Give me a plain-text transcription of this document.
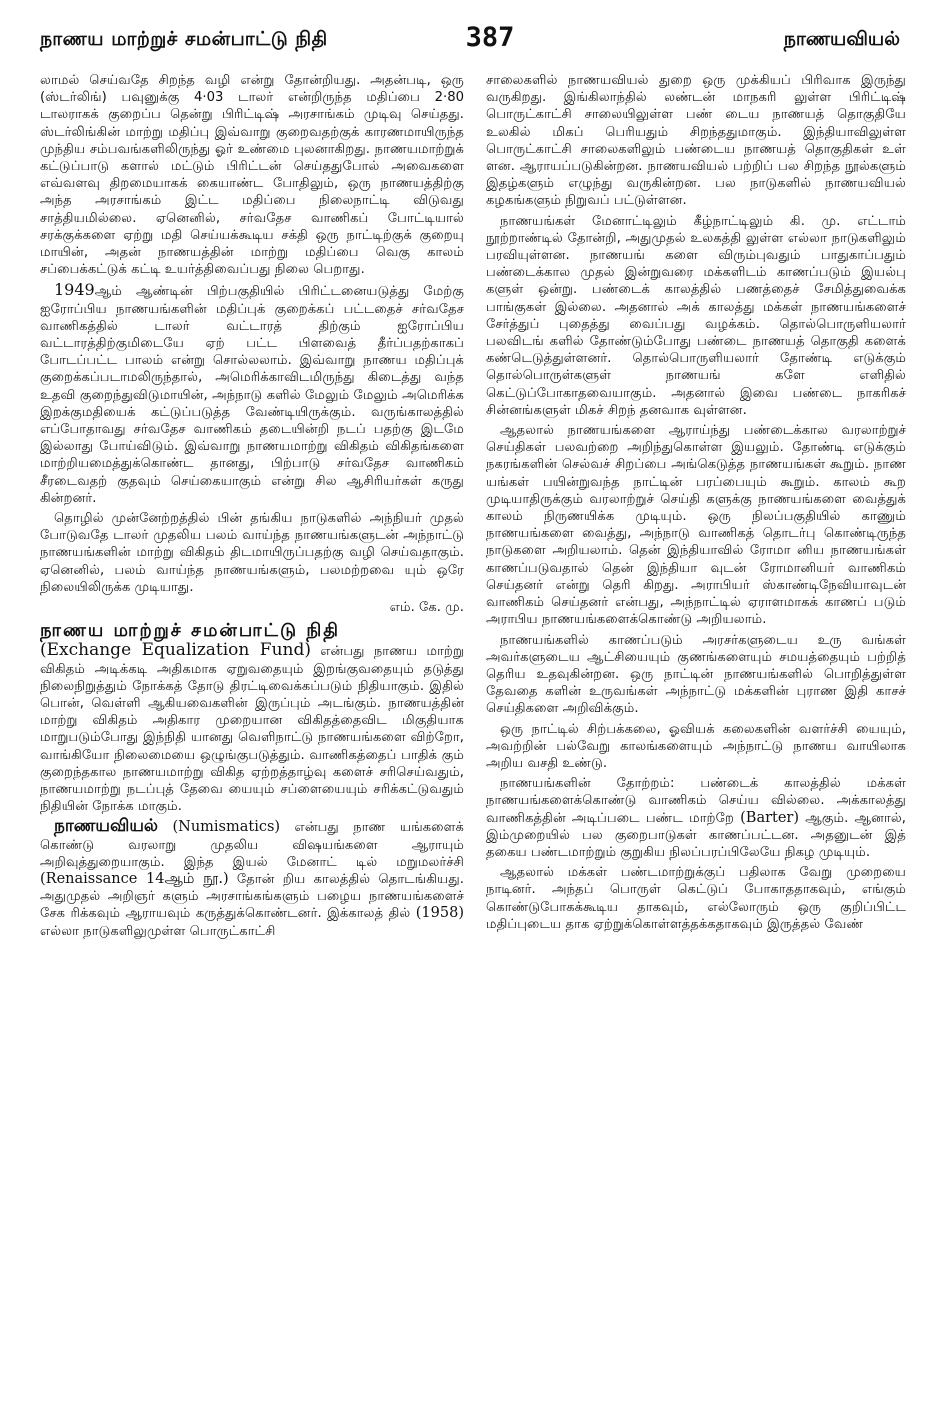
நாணய மாற்றுச் சமன்பாட்டு நிதி	387	நாணயவியல்

லாமல் செய்வதே சிறந்த வழி என்று தோன்றியது. அதன்படி, ஒரு (ஸ்டர்லிங்) பவுனுக்கு 4·03 டாலர் என்றிருந்த மதிப்பை 2·80 டாலராகக் குறைப்ப தென்று பிரிட்டிஷ் அரசாங்கம் முடிவு செய்தது. ஸ்டர்லிங்கின் மாற்று மதிப்பு இவ்வாறு குறைவதற்குக் காரணமாயிருந்த முந்திய சம்பவங்களிலிருந்து ஓர் உண்மை புலனாகிறது. நாணயமாற்றுக் கட்டுப்பாடு களால் மட்டும் பிரிட்டன் செய்ததுபோல் அவைகளை எவ்வளவு திறமையாகக் கையாண்ட போதிலும், ஒரு நாணயத்திற்கு அந்த அரசாங்கம் இட்ட மதிப்பை நிலைநாட்டி விடுவது சாத்தியமில்லை. ஏனெனில், சர்வதேச வாணிகப் போட்டியால் சரக்குக்களை ஏற்று மதி செய்யக்கூடிய சக்தி ஒரு நாட்டிற்குக் குறையு மாயின், அதன் நாணயத்தின் மாற்று மதிப்பை வெகு காலம் சப்பைக்கட்டுக் கட்டி உயர்த்திவைப்பது நிலை பெறாது.

1949ஆம் ஆண்டின் பிற்பகுதியில் பிரிட்டனையடுத்து மேற்கு ஐரோப்பிய நாணயங்களின் மதிப்புக் குறைக்கப் பட்டதைச் சர்வதேச வாணிகத்தில் டாலர் வட்டாரத் திற்கும் ஐரோப்பிய வட்டாரத்திற்குமிடையே ஏற் பட்ட பிளவைத் தீர்ப்பதற்காகப் போடப்பட்ட பாலம் என்று சொல்லலாம். இவ்வாறு நாணய மதிப்புக் குறைக்கப்படாமலிருந்தால், அமெரிக்காவிடமிருந்து கிடைத்து வந்த உதவி குறைந்துவிடுமாயின், அந்நாடு களில் மேலும் மேலும் அமெரிக்க இறக்குமதியைக் கட்டுப்படுத்த வேண்டியிருக்கும். வருங்காலத்தில் எப்போதாவது சர்வதேச வாணிகம் தடையின்றி நடப் பதற்கு இடமே இல்லாது போய்விடும். இவ்வாறு நாணயமாற்று விகிதம் விகிதங்களை மாற்றியமைத்துக்கொண்ட தானது, பிற்பாடு சர்வதேச வாணிகம் சீரடைவதற் குதவும் செய்கையாகும் என்று சில ஆசிரியர்கள் கருது கின்றனர்.

தொழில் முன்னேற்றத்தில் பின் தங்கிய நாடுகளில் அந்நியர் முதல் போடுவதே டாலர் முதலிய பலம் வாய்ந்த நாணயங்களுடன் அந்நாட்டு நாணயங்களின் மாற்று விகிதம் திடமாயிருப்பதற்கு வழி செய்வதாகும். ஏனெனில், பலம் வாய்ந்த நாணயங்களும், பலமற்றவை யும் ஒரே நிலையிலிருக்க முடியாது.

எம். கே. மு.

நாணய மாற்றுச் சமன்பாட்டு நிதி

(Exchange Equalization Fund) என்பது நாணய மாற்று விகிதம் அடிக்கடி அதிகமாக ஏறுவதையும் இறங்குவதையும் தடுத்து நிலைநிறுத்தும் நோக்கத் தோடு திரட்டிவைக்கப்படும் நிதியாகும். இதில் பொன், வெள்ளி ஆகியவைகளின் இருப்பும் அடங்கும். நாணயத்தின் மாற்று விகிதம் அதிகார முறையான விகிதத்தைவிட மிகுதியாக மாறுபடும்போது இந்நிதி யானது வெளிநாட்டு நாணயங்களை விற்றோ, வாங்கியோ நிலைமையை ஒழுங்குபடுத்தும். வாணிகத்தைப் பாதிக் கும் குறைந்தகால நாணயமாற்று விகித ஏற்றத்தாழ்வு களைச் சரிசெய்வதும், நாணயமாற்று நடப்புத் தேவை யையும் சப்ளையையும் சரிக்கட்டுவதும் நிதியின் நோக்க மாகும்.

நாணயவியல் (Numismatics) என்பது நாண யங்களைக் கொண்டு வரலாறு முதலிய விஷயங்களை ஆராயும் அறிவுத்துறையாகும். இந்த இயல் மேனாட் டில் மறுமலர்ச்சி (Renaissance 14ஆம் நூ.) தோன் றிய காலத்தில் தொடங்கியது. அதுமுதல் அறிஞர் களும் அரசாங்கங்களும் பழைய நாணயங்களைச் சேக ரிக்கவும் ஆராயவும் கருத்துக்கொண்டனர். இக்காலத் தில் (1958) எல்லா நாடுகளிலுமுள்ள பொருட்காட்சி

சாலைகளில் நாணயவியல் துறை ஒரு முக்கியப் பிரிவாக இருந்து வருகிறது. இங்கிலாந்தில் லண்டன் மாநகரி லுள்ள பிரிட்டிஷ் பொருட்காட்சி சாலையிலுள்ள பண் டைய நாணயத் தொகுதியே உலகில் மிகப் பெரியதும் சிறந்ததுமாகும். இந்தியாவிலுள்ள பொருட்காட்சி சாலைகளிலும் பண்டைய நாணயத் தொகுதிகள் உள் ளன. ஆராயப்படுகின்றன. நாணயவியல் பற்றிப் பல சிறந்த நூல்களும் இதழ்களும் எழுந்து வருகின்றன. பல நாடுகளில் நாணயவியல் கழகங்களும் நிறுவப் பட்டுள்ளன.

நாணயங்கள் மேனாட்டிலும் கீழ்நாட்டிலும் கி. மு. எட்டாம் நூற்றாண்டில் தோன்றி, அதுமுதல் உலகத்தி லுள்ள எல்லா நாடுகளிலும் பரவியுள்ளன. நாணயங் களை விரும்புவதும் பாதுகாப்பதும் பண்டைக்கால முதல் இன்றுவரை மக்களிடம் காணப்படும் இயல்பு களுள் ஒன்று. பண்டைக் காலத்தில் பணத்தைச் சேமித்துவைக்க பாங்குகள் இல்லை. அதனால் அக் காலத்து மக்கள் நாணயங்களைச் சேர்த்துப் புதைத்து வைப்பது வழக்கம். தொல்பொருளியலார் பலவிடங் களில் தோண்டும்போது பண்டை நாணயத் தொகுதி களைக் கண்டெடுத்துள்ளனர். தொல்பொருளியலார் தோண்டி எடுக்கும் தொல்பொருள்களுள் நாணயங் களே எளிதில் கெட்டுப்போகாதவையாகும். அதனால் இவை பண்டை நாகரிகச் சின்னங்களுள் மிகச் சிறந் தனவாக வுள்ளன.

ஆதலால் நாணயங்களை ஆராய்ந்து பண்டைக்கால வரலாற்றுச் செய்திகள் பலவற்றை அறிந்துகொள்ள இயலும். தோண்டி எடுக்கும் நகரங்களின் செல்வச் சிறப்பை அங்கெடுத்த நாணயங்கள் கூறும். நாண யங்கள் பயின்றுவந்த நாட்டின் பரப்பையும் கூறும். காலம் கூற முடியாதிருக்கும் வரலாற்றுச் செய்தி களுக்கு நாணயங்களை வைத்துக் காலம் நிருணயிக்க முடியும். ஒரு நிலப்பகுதியில் காணும் நாணயங்களை வைத்து, அந்நாடு வாணிகத் தொடர்பு கொண்டிருந்த நாடுகளை அறியலாம். தென் இந்தியாவில் ரோமா னிய நாணயங்கள் காணப்படுவதால் தென் இந்தியா வுடன் ரோமானியர் வாணிகம் செய்தனர் என்று தெரி கிறது. அராபியர் ஸ்காண்டிநேவியாவுடன் வாணிகம் செய்தனர் என்பது, அந்நாட்டில் ஏராளமாகக் காணப் படும் அராபிய நாணயங்களைக்கொண்டு அறியலாம்.

நாணயங்களில் காணப்படும் அரசர்களுடைய உரு வங்கள் அவர்களுடைய ஆட்சியையும் குணங்களையும் சமயத்தையும் பற்றித் தெரிய உதவுகின்றன. ஒரு நாட்டின் நாணயங்களில் பொறித்துள்ள தேவதை களின் உருவங்கள் அந்நாட்டு மக்களின் புராண இதி காசச் செய்திகளை அறிவிக்கும்.

ஒரு நாட்டில் சிற்பக்கலை, ஓவியக் கலைகளின் வளர்ச்சி யையும், அவற்றின் பல்வேறு காலங்களையும் அந்நாட்டு நாணய வாயிலாக அறிய வசதி உண்டு.

நாணயங்களின் தோற்றம்: பண்டைக் காலத்தில் மக்கள் நாணயங்களைக்கொண்டு வாணிகம் செய்ய வில்லை. அக்காலத்து வாணிகத்தின் அடிப்படை பண்ட மாற்றே (Barter) ஆகும். ஆனால், இம்முறையில் பல குறைபாடுகள் காணப்பட்டன. அதனுடன் இத் தகைய பண்டமாற்றும் குறுகிய நிலப்பரப்பிலேயே நிகழ முடியும்.

ஆதலால் மக்கள் பண்டமாற்றுக்குப் பதிலாக வேறு முறையை நாடினர். அந்தப் பொருள் கெட்டுப் போகாததாகவும், எங்கும் கொண்டுபோகக்கூடிய தாகவும், எல்லோரும் ஒரு குறிப்பிட்ட மதிப்புடைய தாக ஏற்றுக்கொள்ளத்தக்கதாகவும் இருத்தல் வேண்
